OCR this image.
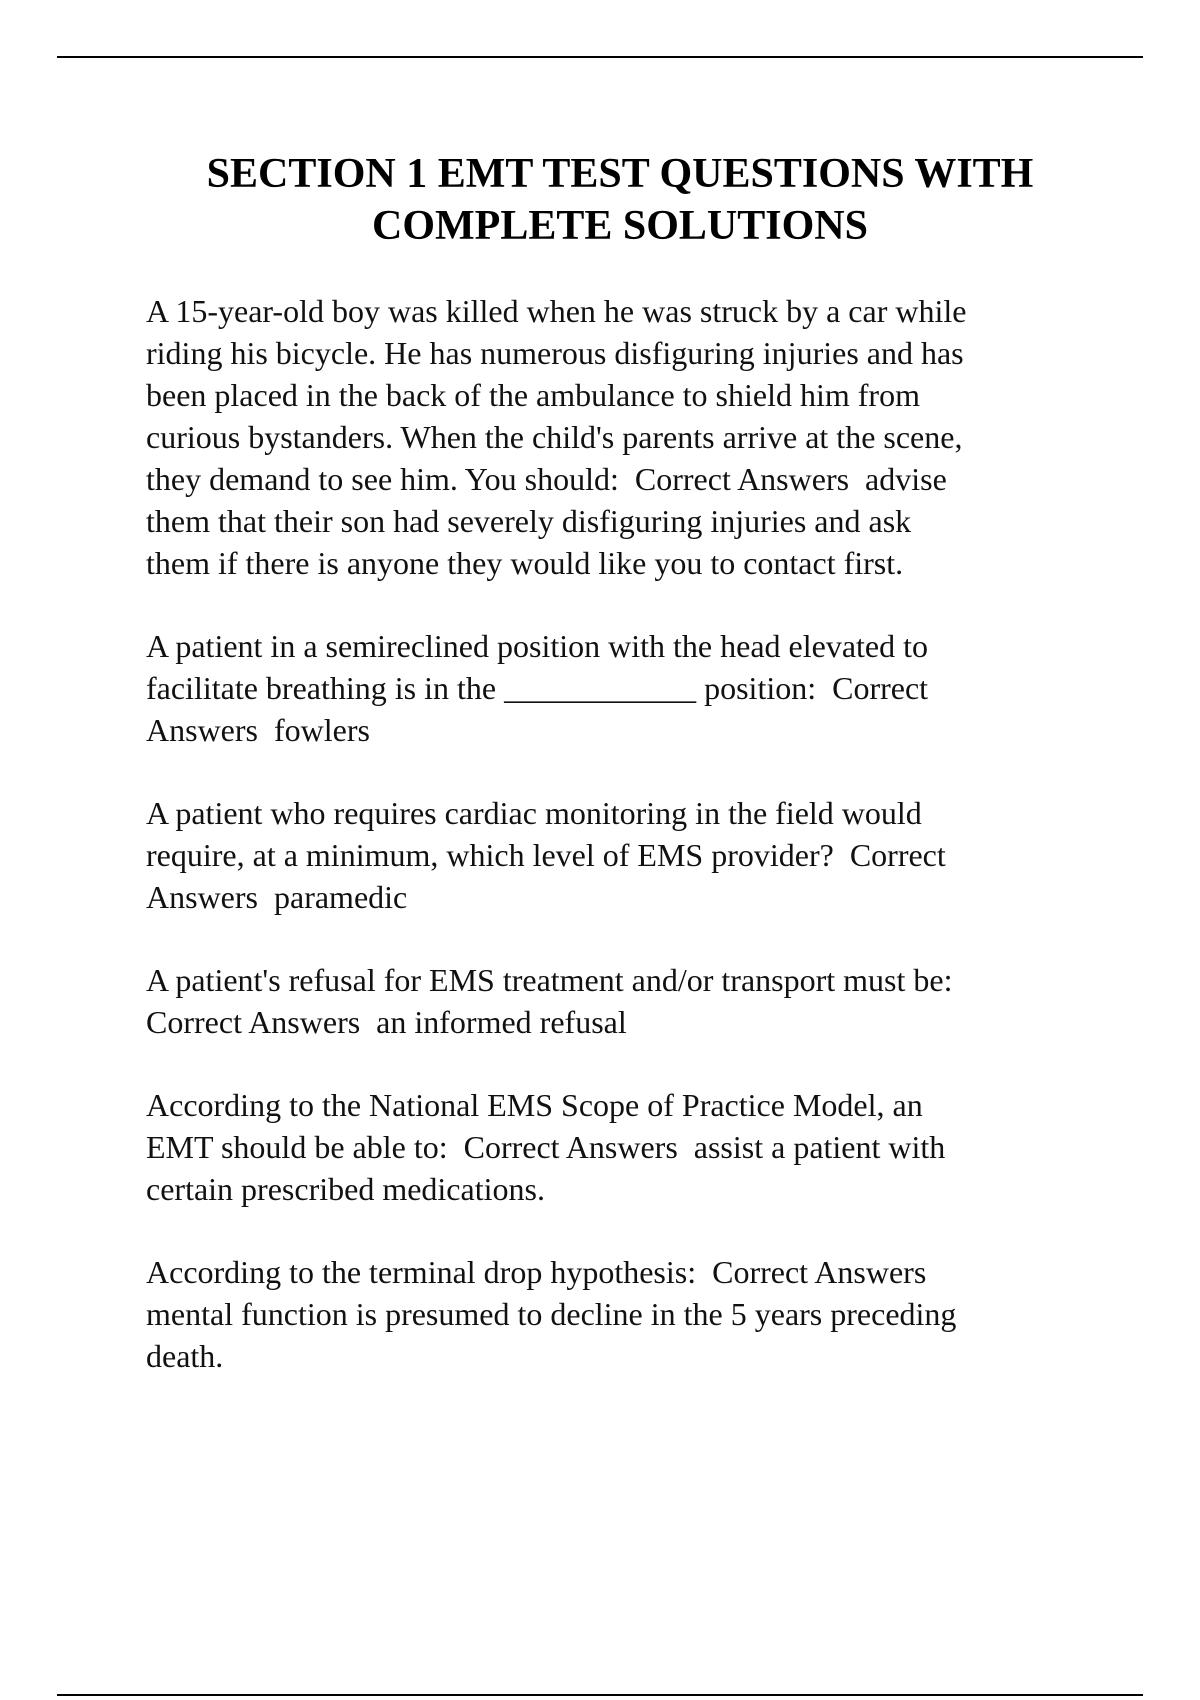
SECTION 1 EMT TEST QUESTIONS WITH
COMPLETE SOLUTIONS

A 15-year-old boy was killed when he was struck by a car while
riding his bicycle. He has numerous disfiguring injuries and has
been placed in the back of the ambulance to shield him from
curious bystanders. When the child's parents arrive at the scene,
they demand to see him. You should:  Correct Answers  advise
them that their son had severely disfiguring injuries and ask
them if there is anyone they would like you to contact first.

A patient in a semireclined position with the head elevated to
facilitate breathing is in the ____________ position:  Correct
Answers  fowlers

A patient who requires cardiac monitoring in the field would
require, at a minimum, which level of EMS provider?  Correct
Answers  paramedic

A patient's refusal for EMS treatment and/or transport must be:
Correct Answers  an informed refusal

According to the National EMS Scope of Practice Model, an
EMT should be able to:  Correct Answers  assist a patient with
certain prescribed medications.

According to the terminal drop hypothesis:  Correct Answers
mental function is presumed to decline in the 5 years preceding
death.
